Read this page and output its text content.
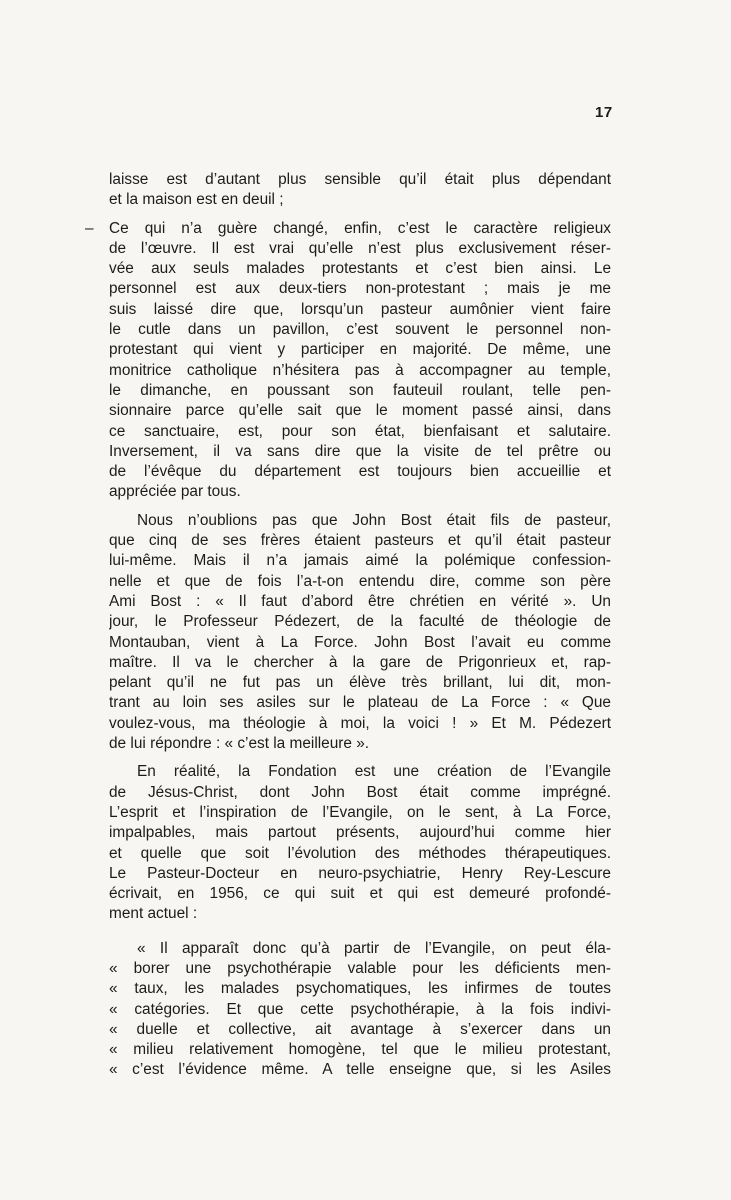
17
laisse est d’autant plus sensible qu’il était plus dépendant
et la maison est en deuil ;
– Ce qui n’a guère changé, enfin, c’est le caractère religieux
de l’œuvre. Il est vrai qu’elle n’est plus exclusivement réser-
vée aux seuls malades protestants et c’est bien ainsi. Le
personnel est aux deux-tiers non-protestant ; mais je me
suis laissé dire que, lorsqu’un pasteur aumônier vient faire
le cutle dans un pavillon, c’est souvent le personnel non-
protestant qui vient y participer en majorité. De même, une
monitrice catholique n’hésitera pas à accompagner au temple,
le dimanche, en poussant son fauteuil roulant, telle pen-
sionnaire parce qu’elle sait que le moment passé ainsi, dans
ce sanctuaire, est, pour son état, bienfaisant et salutaire.
Inversement, il va sans dire que la visite de tel prêtre ou
de l’évêque du département est toujours bien accueillie et
appréciée par tous.
Nous n’oublions pas que John Bost était fils de pasteur,
que cinq de ses frères étaient pasteurs et qu’il était pasteur
lui-même. Mais il n’a jamais aimé la polémique confession-
nelle et que de fois l’a-t-on entendu dire, comme son père
Ami Bost : « Il faut d’abord être chrétien en vérité ». Un
jour, le Professeur Pédezert, de la faculté de théologie de
Montauban, vient à La Force. John Bost l’avait eu comme
maître. Il va le chercher à la gare de Prigonrieux et, rap-
pelant qu’il ne fut pas un élève très brillant, lui dit, mon-
trant au loin ses asiles sur le plateau de La Force : « Que
voulez-vous, ma théologie à moi, la voici ! » Et M. Pédezert
de lui répondre : « c’est la meilleure ».
En réalité, la Fondation est une création de l’Evangile
de Jésus-Christ, dont John Bost était comme imprégné.
L’esprit et l’inspiration de l’Evangile, on le sent, à La Force,
impalpables, mais partout présents, aujourd’hui comme hier
et quelle que soit l’évolution des méthodes thérapeutiques.
Le Pasteur-Docteur en neuro-psychiatrie, Henry Rey-Lescure
écrivait, en 1956, ce qui suit et qui est demeuré profondé-
ment actuel :
« Il apparaît donc qu’à partir de l’Evangile, on peut éla-
« borer une psychothérapie valable pour les déficients men-
« taux, les malades psychomatiques, les infirmes de toutes
« catégories. Et que cette psychothérapie, à la fois indivi-
« duelle et collective, ait avantage à s’exercer dans un
« milieu relativement homogène, tel que le milieu protestant,
« c’est l’évidence même. A telle enseigne que, si les Asiles
